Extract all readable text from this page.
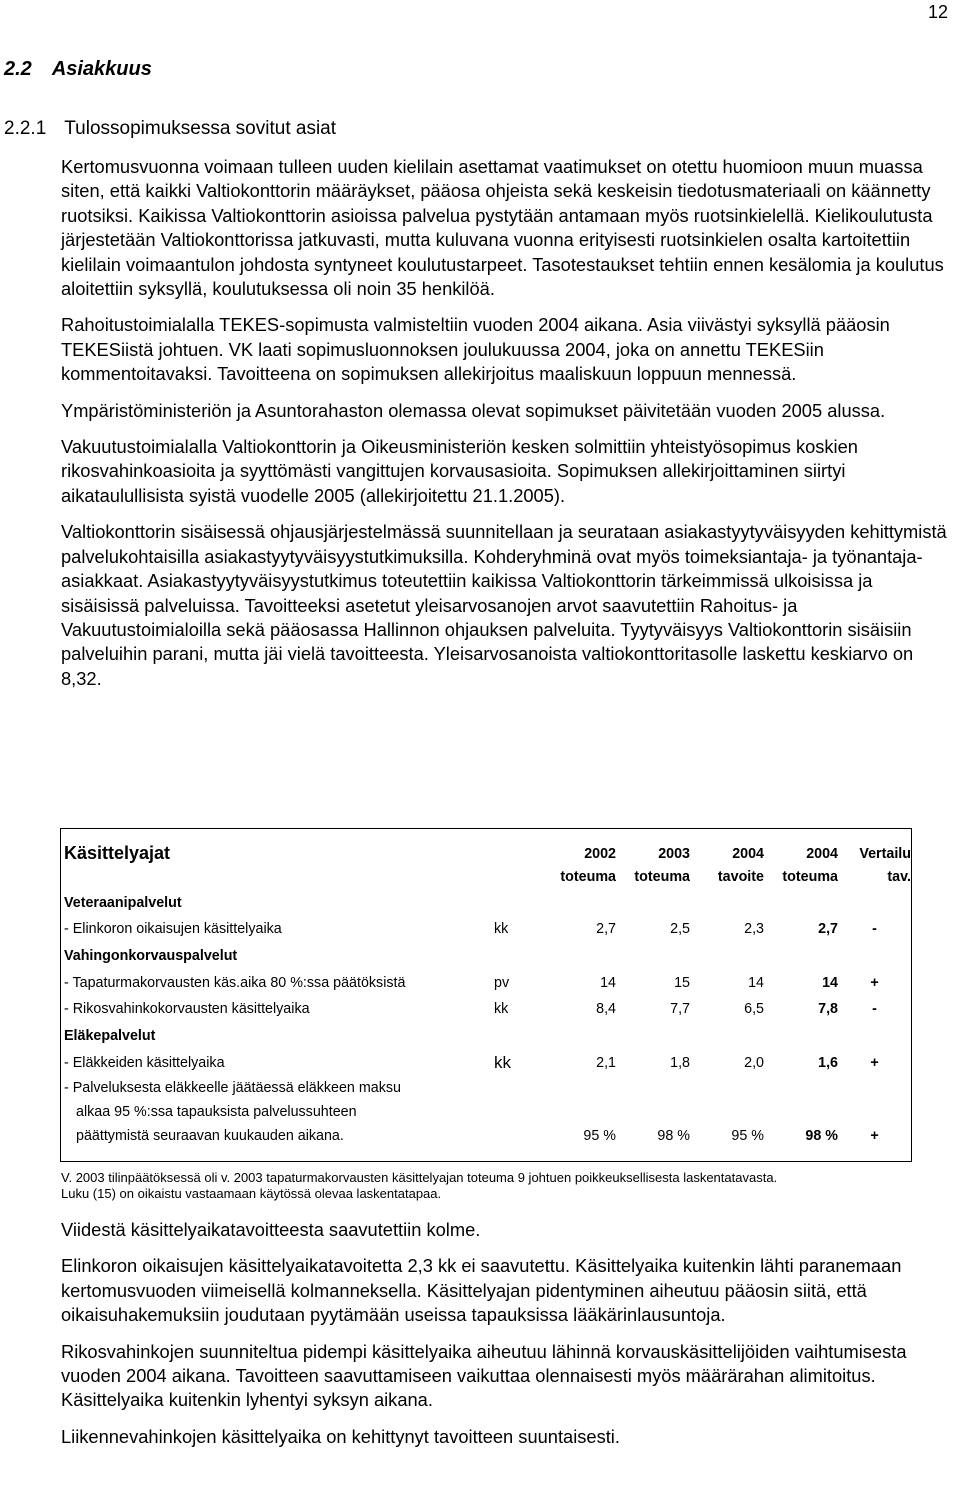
12
2.2 Asiakkuus
2.2.1 Tulossopimuksessa sovitut asiat

Kertomusvuonna voimaan tulleen uuden kielilain asettamat vaatimukset on otettu huomioon muun muassa siten, että kaikki Valtiokonttorin määräykset, pääosa ohjeista sekä keskeisin tiedotusmateriaali on käännetty ruotsiksi. Kaikissa Valtiokonttorin asioissa palvelua pystytään antamaan myös ruotsinkielellä. Kielikoulutusta järjestetään Valtiokonttorissa jatkuvasti, mutta kuluvana vuonna erityisesti ruotsinkielen osalta kartoitettiin kielilain voimaantulon johdosta syntyneet koulutustarpeet. Tasotestaukset tehtiin ennen kesälomia ja koulutus aloitettiin syksyllä, koulutuksessa oli noin 35 henkilöä.

Rahoitustoimialalla TEKES-sopimusta valmisteltiin vuoden 2004 aikana. Asia viivästyi syksyllä pääosin TEKESiistä johtuen. VK laati sopimusluonnoksen joulukuussa 2004, joka on annettu TEKESiin kommentoitavaksi. Tavoitteena on sopimuksen allekirjoitus maaliskuun loppuun mennessä.

Ympäristöministeriön ja Asuntorahaston olemassa olevat sopimukset päivitetään vuoden 2005 alussa.

Vakuutustoimialalla Valtiokonttorin ja Oikeusministeriön kesken solmittiin yhteistyösopimus koskien rikosvahinkoasioita ja syyttömästi vangittujen korvausasioita. Sopimuksen allekirjoittaminen siirtyi aikataulullisista syistä vuodelle 2005 (allekirjoitettu 21.1.2005).

Valtiokonttorin sisäisessä ohjausjärjestelmässä suunnitellaan ja seurataan asiakastyytyväisyyden kehittymistä palvelukohtaisilla asiakastyytyväisyystutkimuksilla. Kohderyhminä ovat myös toimeksiantaja- ja työnantaja-asiakkaat. Asiakastyytyväisyystutkimus toteutettiin kaikissa Valtiokonttorin tärkeimmissä ulkoisissa ja sisäisissä palveluissa. Tavoitteeksi asetetut yleisarvosanojen arvot saavutettiin Rahoitus- ja Vakuutustoimialoilla sekä pääosassa Hallinnon ohjauksen palveluita. Tyytyväisyys Valtiokonttorin sisäisiin palveluihin parani, mutta jäi vielä tavoitteesta. Yleisarvosanoista valtiokonttoritasolle laskettu keskiarvo on 8,32.

Käsittelyajat		2002	2003	2004	2004	Vertailu
		toteuma	toteuma	tavoite	toteuma	tav.
Veteraanipalvelut						
- Elinkoron oikaisujen käsittelyaika	kk	2,7	2,5	2,3	2,7	-
Vahingonkorvauspalvelut						
- Tapaturmakorvausten käs.aika 80 %:ssa päätöksistä	pv	14	15	14	14	+
- Rikosvahinkokorvausten käsittelyaika	kk	8,4	7,7	6,5	7,8	-
Eläkepalvelut						
- Eläkkeiden käsittelyaika	kk	2,1	1,8	2,0	1,6	+
- Palveluksesta eläkkeelle jäätäessä eläkkeen maksu						
alkaa 95 %:ssa tapauksista palvelussuhteen						
päättymistä seuraavan kuukauden aikana.		95 %	98 %	95 %	98 %	+

V. 2003 tilinpäätöksessä oli v. 2003 tapaturmakorvausten käsittelyajan toteuma 9 johtuen poikkeuksellisesta laskentatavasta.

Luku (15) on oikaistu vastaamaan käytössä olevaa laskentatapaa.

Viidestä käsittelyaikatavoitteesta saavutettiin kolme.

Elinkoron oikaisujen käsittelyaikatavoitetta 2,3 kk ei saavutettu. Käsittelyaika kuitenkin lähti paranemaan kertomusvuoden viimeisellä kolmanneksella. Käsittelyajan pidentyminen aiheutuu pääosin siitä, että oikaisuhakemuksiin joudutaan pyytämään useissa tapauksissa lääkärinlausuntoja.

Rikosvahinkojen suunniteltua pidempi käsittelyaika aiheutuu lähinnä korvauskäsittelijöiden vaihtumisesta vuoden 2004 aikana. Tavoitteen saavuttamiseen vaikuttaa olennaisesti myös määrärahan alimitoitus. Käsittelyaika kuitenkin lyhentyi syksyn aikana.

Liikennevahinkojen käsittelyaika on kehittynyt tavoitteen suuntaisesti.
